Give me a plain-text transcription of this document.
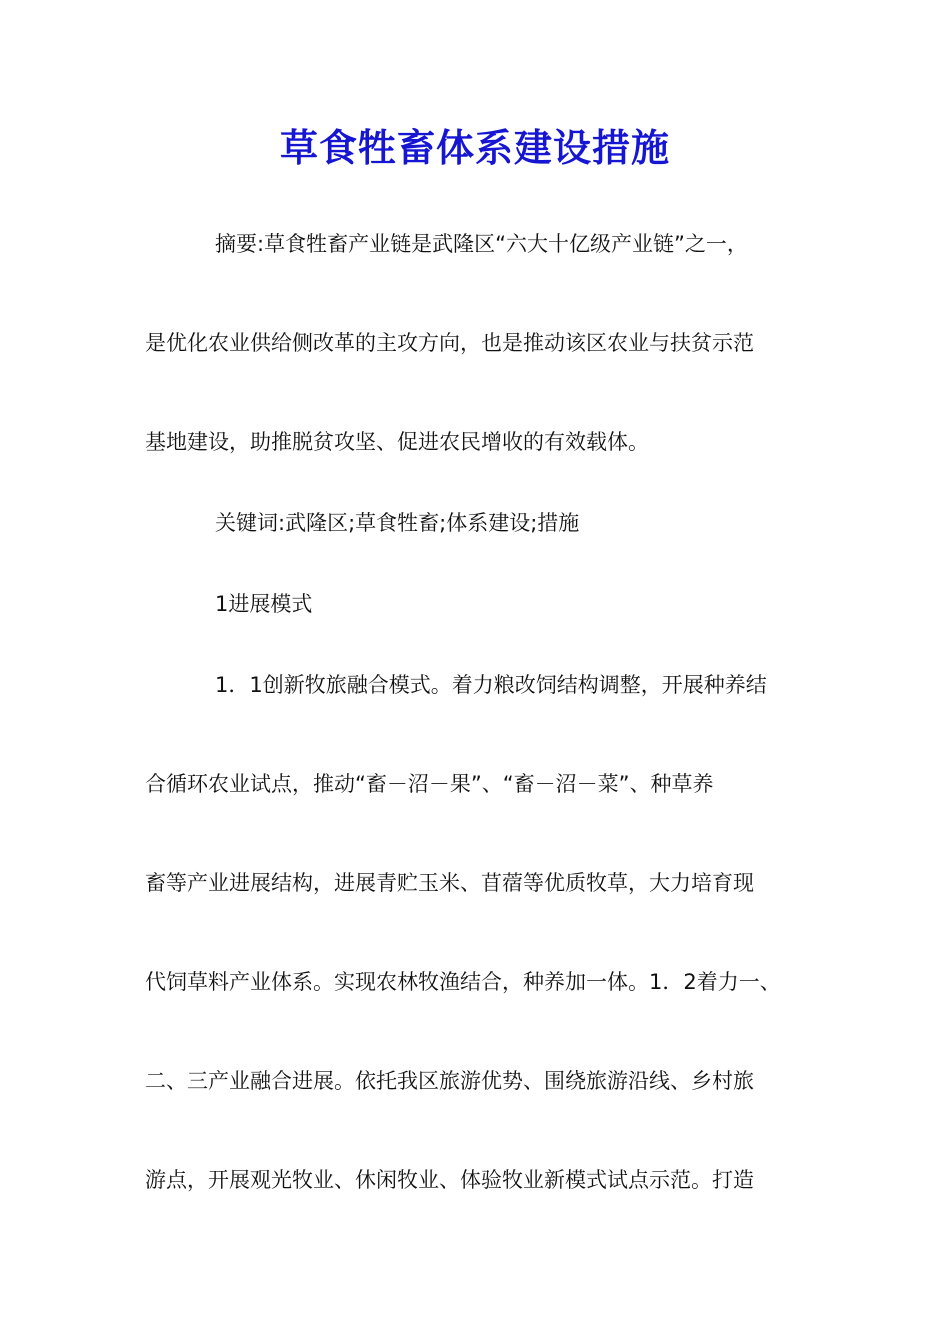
草食牲畜体系建设措施
摘要:草食牲畜产业链是武隆区“六大十亿级产业链”之一，
是优化农业供给侧改革的主攻方向，也是推动该区农业与扶贫示范
基地建设，助推脱贫攻坚、促进农民增收的有效载体。
关键词:武隆区;草食牲畜;体系建设;措施
1进展模式
1．1创新牧旅融合模式。着力粮改饲结构调整，开展种养结
合循环农业试点，推动“畜－沼－果”、“畜－沼－菜”、种草养
畜等产业进展结构，进展青贮玉米、苜蓿等优质牧草，大力培育现
代饲草料产业体系。实现农林牧渔结合，种养加一体。1．2着力一、
二、三产业融合进展。依托我区旅游优势、围绕旅游沿线、乡村旅
游点，开展观光牧业、休闲牧业、体验牧业新模式试点示范。打造
